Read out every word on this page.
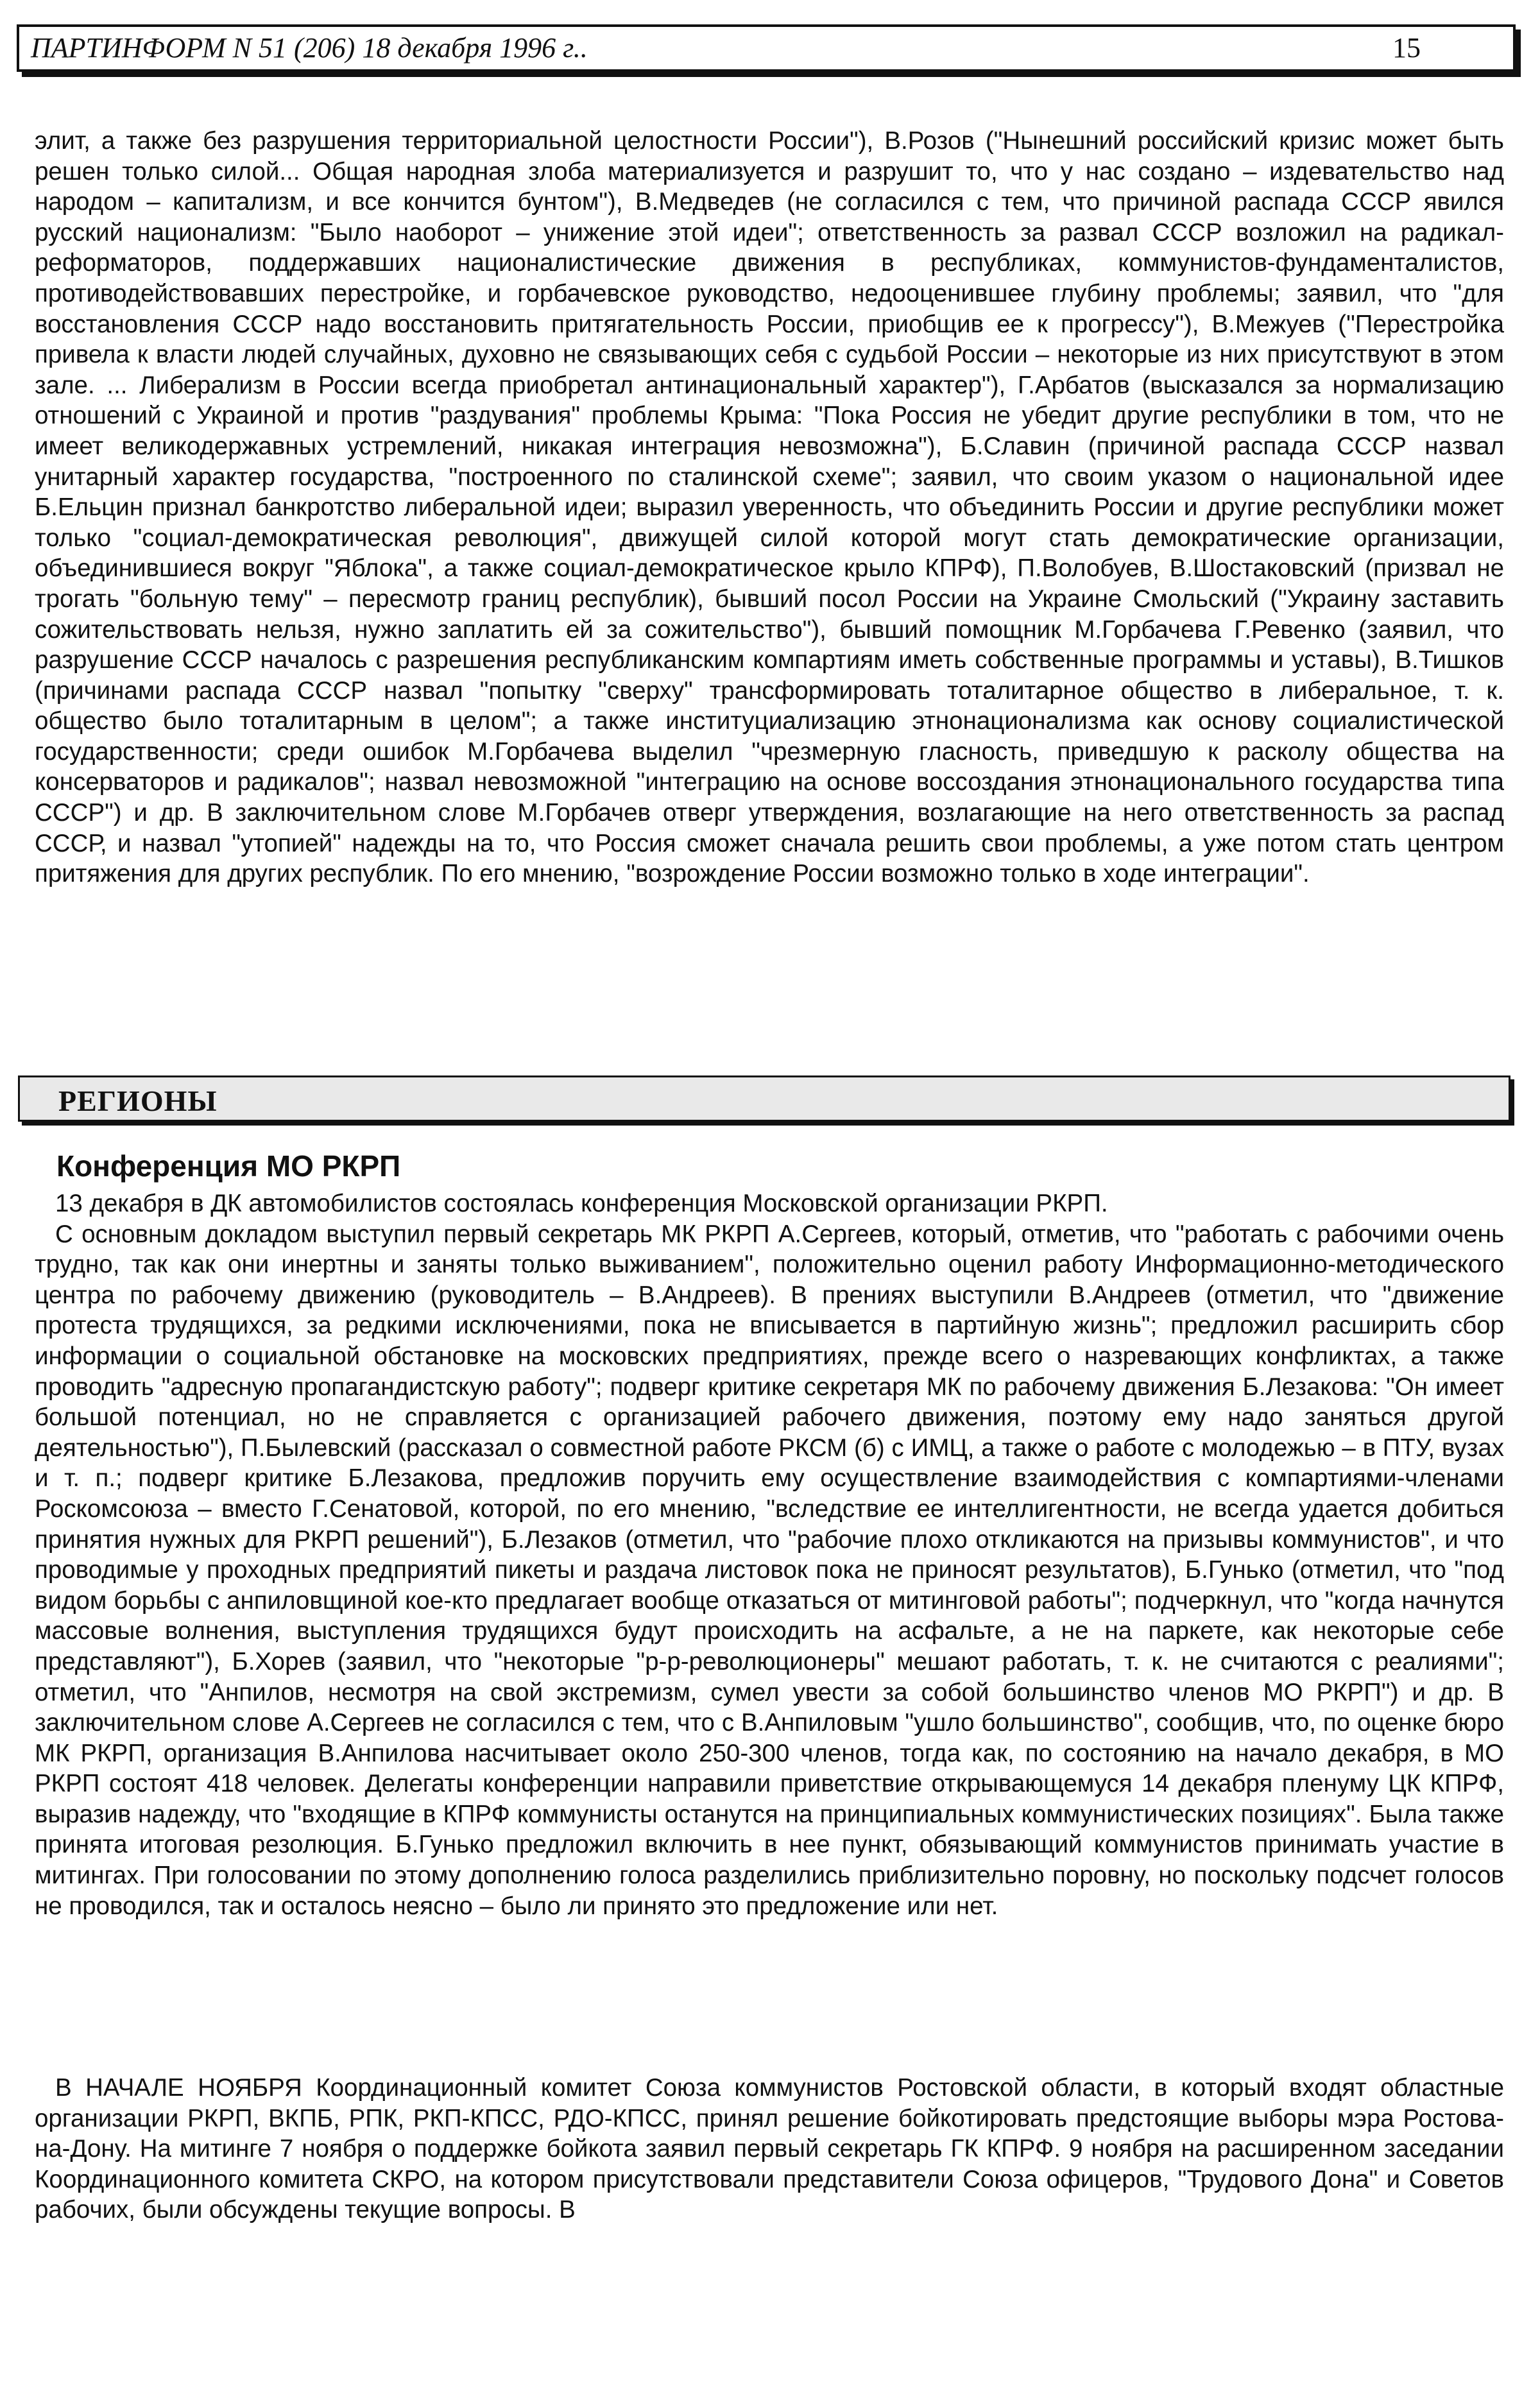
ПАРТИНФОРМ N 51 (206) 18 декабря 1996 г..	15

элит, а также без разрушения территориальной целостности России"), В.Розов ("Нынешний российский кризис может быть решен только силой... Общая народная злоба материализуется и разрушит то, что у нас создано – издевательство над народом – капитализм, и все кончится бунтом"), В.Медведев (не согласился с тем, что причиной распада СССР явился русский национализм: "Было наоборот – унижение этой идеи"; ответственность за развал СССР возложил на радикал-реформаторов, поддержавших националистические движения в республиках, коммунистов-фундаменталистов, противодействовавших перестройке, и горбачевское руководство, недооценившее глубину проблемы; заявил, что "для восстановления СССР надо восстановить притягательность России, приобщив ее к прогрессу"), В.Межуев ("Перестройка привела к власти людей случайных, духовно не связывающих себя с судьбой России – некоторые из них присутствуют в этом зале. ... Либерализм в России всегда приобретал антинациональный характер"), Г.Арбатов (высказался за нормализацию отношений с Украиной и против "раздувания" проблемы Крыма: "Пока Россия не убедит другие республики в том, что не имеет великодержавных устремлений, никакая интеграция невозможна"), Б.Славин (причиной распада СССР назвал унитарный характер государства, "построенного по сталинской схеме"; заявил, что своим указом о национальной идее Б.Ельцин признал банкротство либеральной идеи; выразил уверенность, что объединить России и другие республики может только "социал-демократическая революция", движущей силой которой могут стать демократические организации, объединившиеся вокруг "Яблока", а также социал-демократическое крыло КПРФ), П.Волобуев, В.Шостаковский (призвал не трогать "больную тему" – пересмотр границ республик), бывший посол России на Украине Смольский ("Украину заставить сожительствовать нельзя, нужно заплатить ей за сожительство"), бывший помощник М.Горбачева Г.Ревенко (заявил, что разрушение СССР началось с разрешения республиканским компартиям иметь собственные программы и уставы), В.Тишков (причинами распада СССР назвал "попытку "сверху" трансформировать тоталитарное общество в либеральное, т. к. общество было тоталитарным в целом"; а также институциализацию этнонационализма как основу социалистической государственности; среди ошибок М.Горбачева выделил "чрезмерную гласность, приведшую к расколу общества на консерваторов и радикалов"; назвал невозможной "интеграцию на основе воссоздания этнонационального государства типа СССР") и др. В заключительном слове М.Горбачев отверг утверждения, возлагающие на него ответственность за распад СССР, и назвал "утопией" надежды на то, что Россия сможет сначала решить свои проблемы, а уже потом стать центром притяжения для других республик. По его мнению, "возрождение России возможно только в ходе интеграции".

РЕГИОНЫ
Конференция МО РКРП

13 декабря в ДК автомобилистов состоялась конференция Московской организации РКРП.

С основным докладом выступил первый секретарь МК РКРП А.Сергеев, который, отметив, что "работать с рабочими очень трудно, так как они инертны и заняты только выживанием", положительно оценил работу Информационно-методического центра по рабочему движению (руководитель – В.Андреев). В прениях выступили В.Андреев (отметил, что "движение протеста трудящихся, за редкими исключениями, пока не вписывается в партийную жизнь"; предложил расширить сбор информации о социальной обстановке на московских предприятиях, прежде всего о назревающих конфликтах, а также проводить "адресную пропагандистскую работу"; подверг критике секретаря МК по рабочему движения Б.Лезакова: "Он имеет большой потенциал, но не справляется с организацией рабочего движения, поэтому ему надо заняться другой деятельностью"), П.Былевский (рассказал о совместной работе РКСМ (б) с ИМЦ, а также о работе с молодежью – в ПТУ, вузах и т. п.; подверг критике Б.Лезакова, предложив поручить ему осуществление взаимодействия с компартиями-членами Роскомсоюза – вместо Г.Сенатовой, которой, по его мнению, "вследствие ее интеллигентности, не всегда удается добиться принятия нужных для РКРП решений"), Б.Лезаков (отметил, что "рабочие плохо откликаются на призывы коммунистов", и что проводимые у проходных предприятий пикеты и раздача листовок пока не приносят результатов), Б.Гунько (отметил, что "под видом борьбы с анпиловщиной кое-кто предлагает вообще отказаться от митинговой работы"; подчеркнул, что "когда начнутся массовые волнения, выступления трудящихся будут происходить на асфальте, а не на паркете, как некоторые себе представляют"), Б.Хорев (заявил, что "некоторые "р-р-революционеры" мешают работать, т. к. не считаются с реалиями"; отметил, что "Анпилов, несмотря на свой экстремизм, сумел увести за собой большинство членов МО РКРП") и др. В заключительном слове А.Сергеев не согласился с тем, что с В.Анпиловым "ушло большинство", сообщив, что, по оценке бюро МК РКРП, организация В.Анпилова насчитывает около 250-300 членов, тогда как, по состоянию на начало декабря, в МО РКРП состоят 418 человек. Делегаты конференции направили приветствие открывающемуся 14 декабря пленуму ЦК КПРФ, выразив надежду, что "входящие в КПРФ коммунисты останутся на принципиальных коммунистических позициях". Была также принята итоговая резолюция. Б.Гунько предложил включить в нее пункт, обязывающий коммунистов принимать участие в митингах. При голосовании по этому дополнению голоса разделились приблизительно поровну, но поскольку подсчет голосов не проводился, так и осталось неясно – было ли принято это предложение или нет.

В НАЧАЛЕ НОЯБРЯ Координационный комитет Союза коммунистов Ростовской области, в который входят областные организации РКРП, ВКПБ, РПК, РКП-КПСС, РДО-КПСС, принял решение бойкотировать предстоящие выборы мэра Ростова-на-Дону. На митинге 7 ноября о поддержке бойкота заявил первый секретарь ГК КПРФ. 9 ноября на расширенном заседании Координационного комитета СКРО, на котором присутствовали представители Союза офицеров, "Трудового Дона" и Советов рабочих, были обсуждены текущие вопросы. В
